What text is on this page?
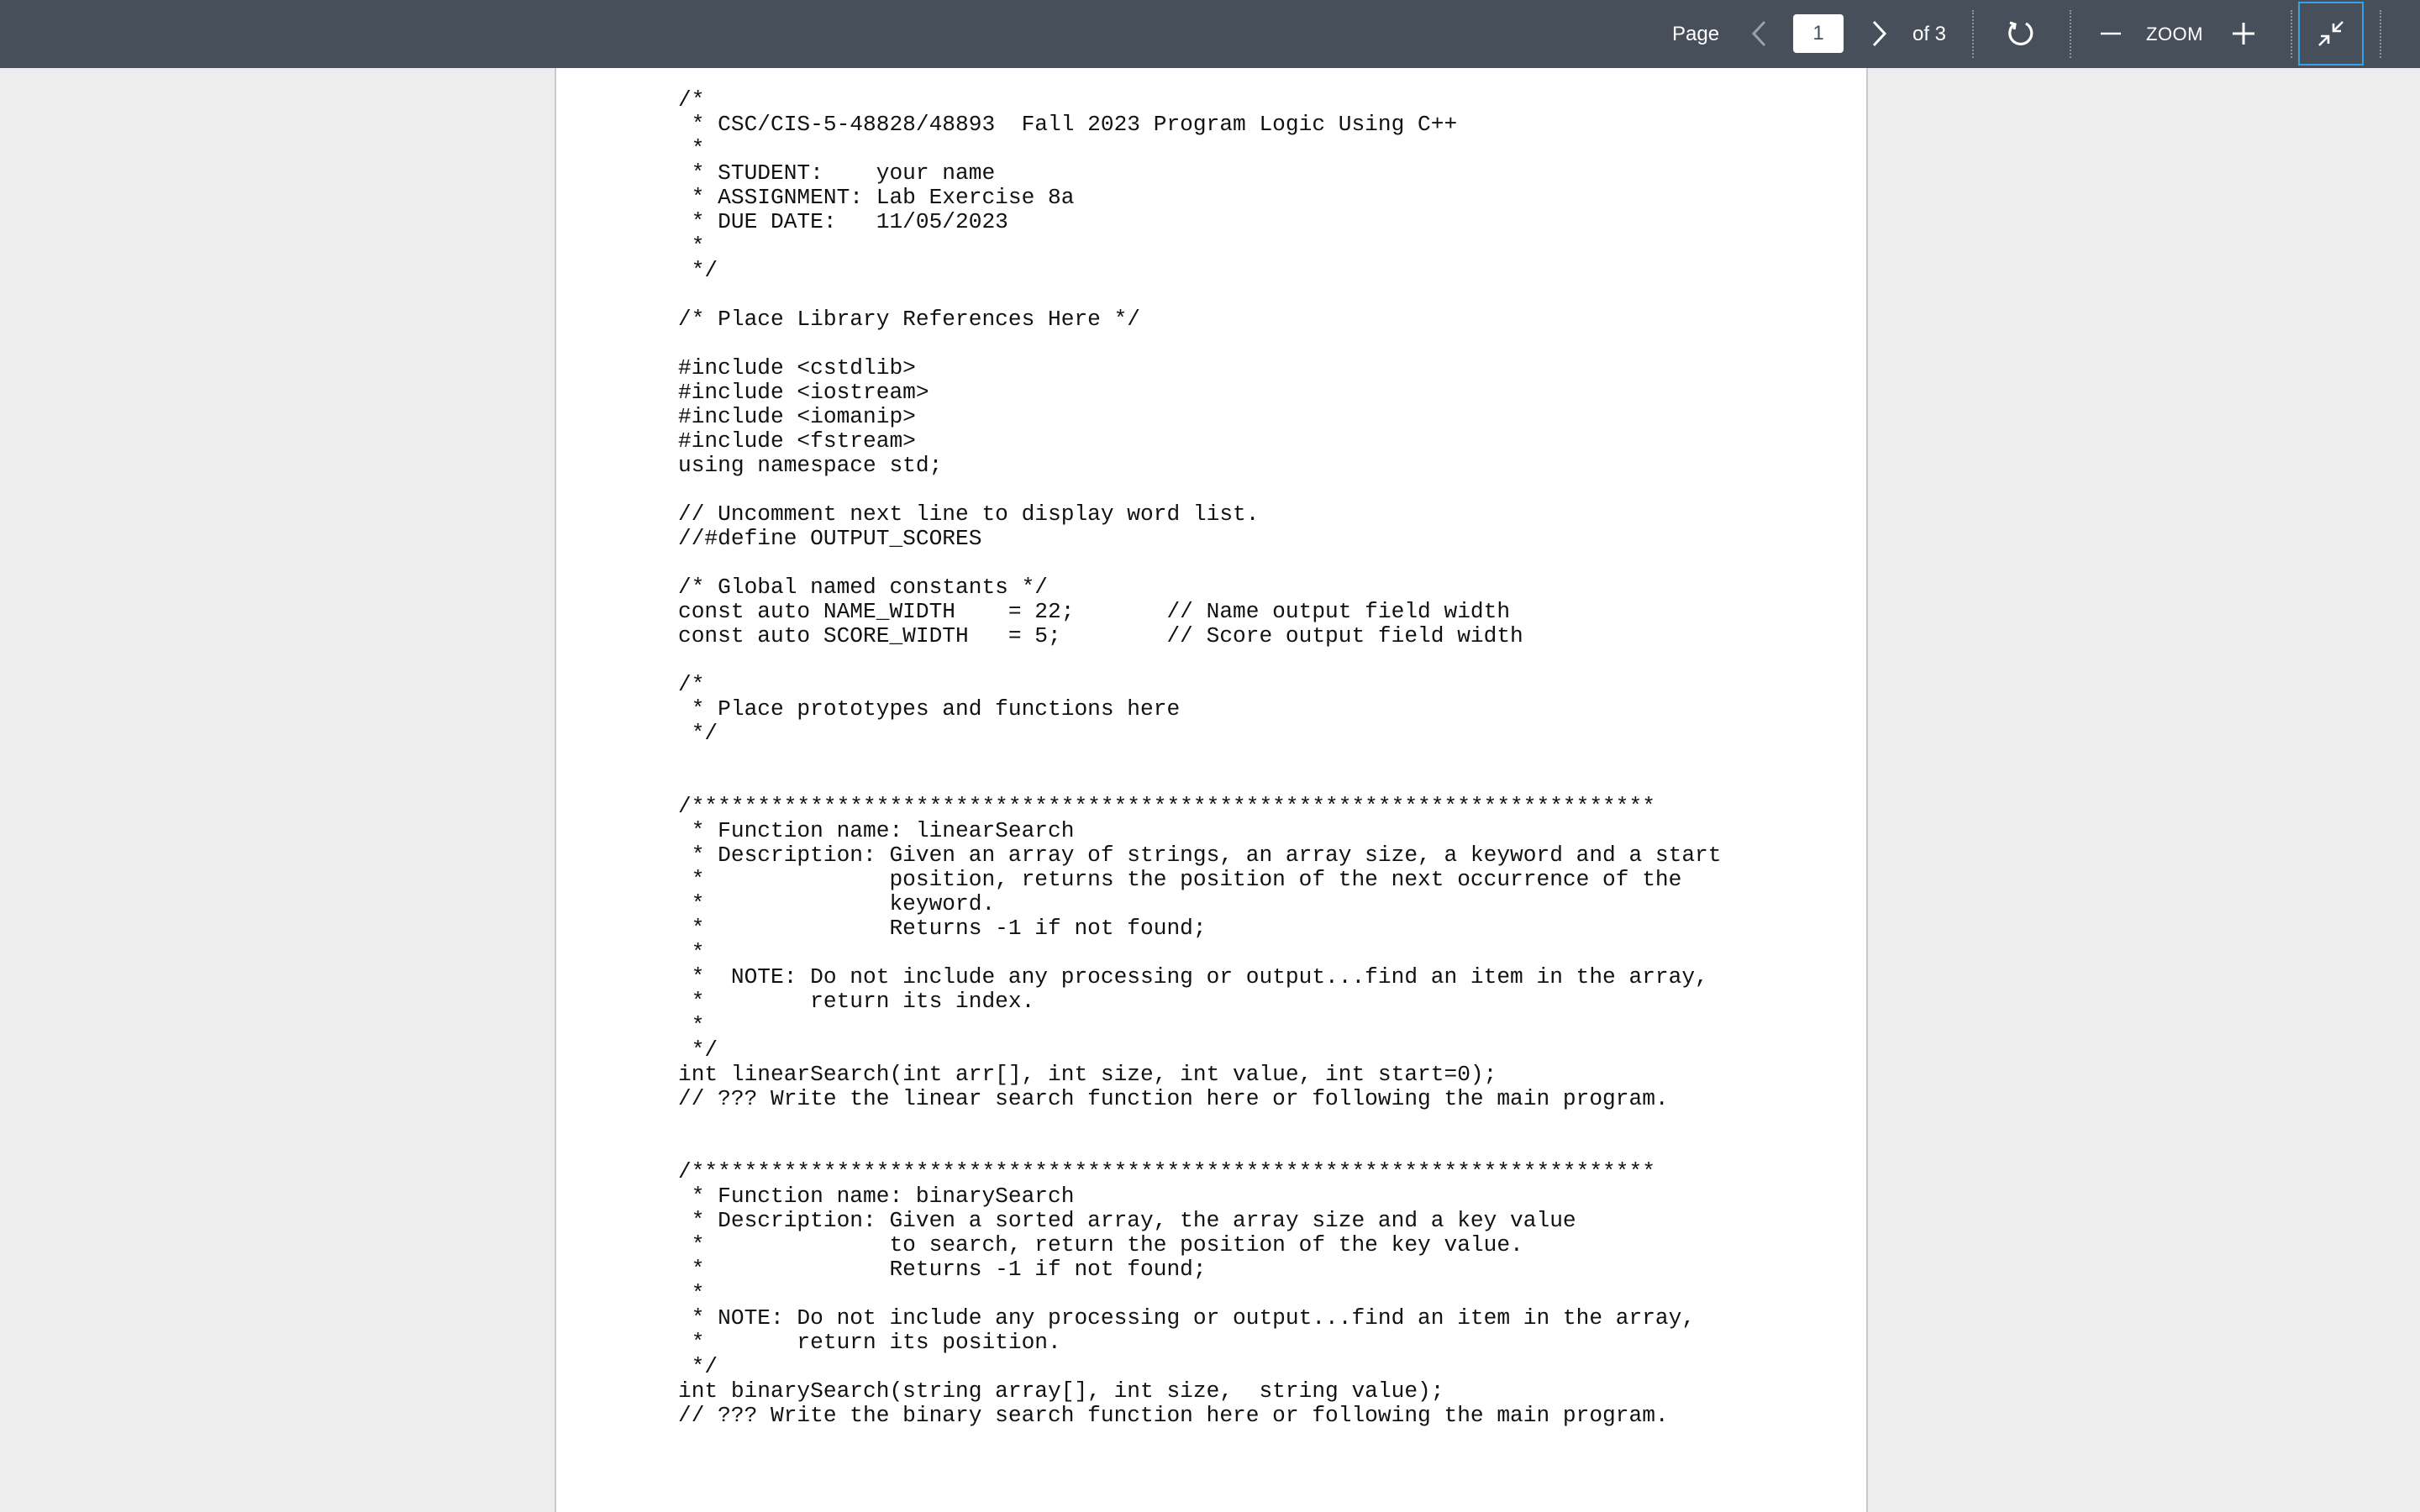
Page
1	of 3	ZOOM
/*
* CSC/CIS-5-48828/48893  Fall 2023 Program Logic Using C++
*
* STUDENT:    your name
* ASSIGNMENT: Lab Exercise 8a
* DUE DATE:   11/05/2023
*
*/

/* Place Library References Here */

#include <cstdlib>
#include <iostream>
#include <iomanip>
#include <fstream>
using namespace std;

// Uncomment next line to display word list.
//#define OUTPUT_SCORES

/* Global named constants */
const auto NAME_WIDTH    = 22;       // Name output field width
const auto SCORE_WIDTH   = 5;        // Score output field width

/*
* Place prototypes and functions here
*/

/*************************************************************************
* Function name: linearSearch
* Description: Given an array of strings, an array size, a keyword and a start
*              position, returns the position of the next occurrence of the
*              keyword.
*              Returns -1 if not found;
*
*  NOTE: Do not include any processing or output...find an item in the array,
*        return its index.
*
*/
int linearSearch(int arr[], int size, int value, int start=0);
// ??? Write the linear search function here or following the main program.

/*************************************************************************
* Function name: binarySearch
* Description: Given a sorted array, the array size and a key value
*              to search, return the position of the key value.
*              Returns -1 if not found;
*
* NOTE: Do not include any processing or output...find an item in the array,
*       return its position.
*/
int binarySearch(string array[], int size,  string value);
// ??? Write the binary search function here or following the main program.
